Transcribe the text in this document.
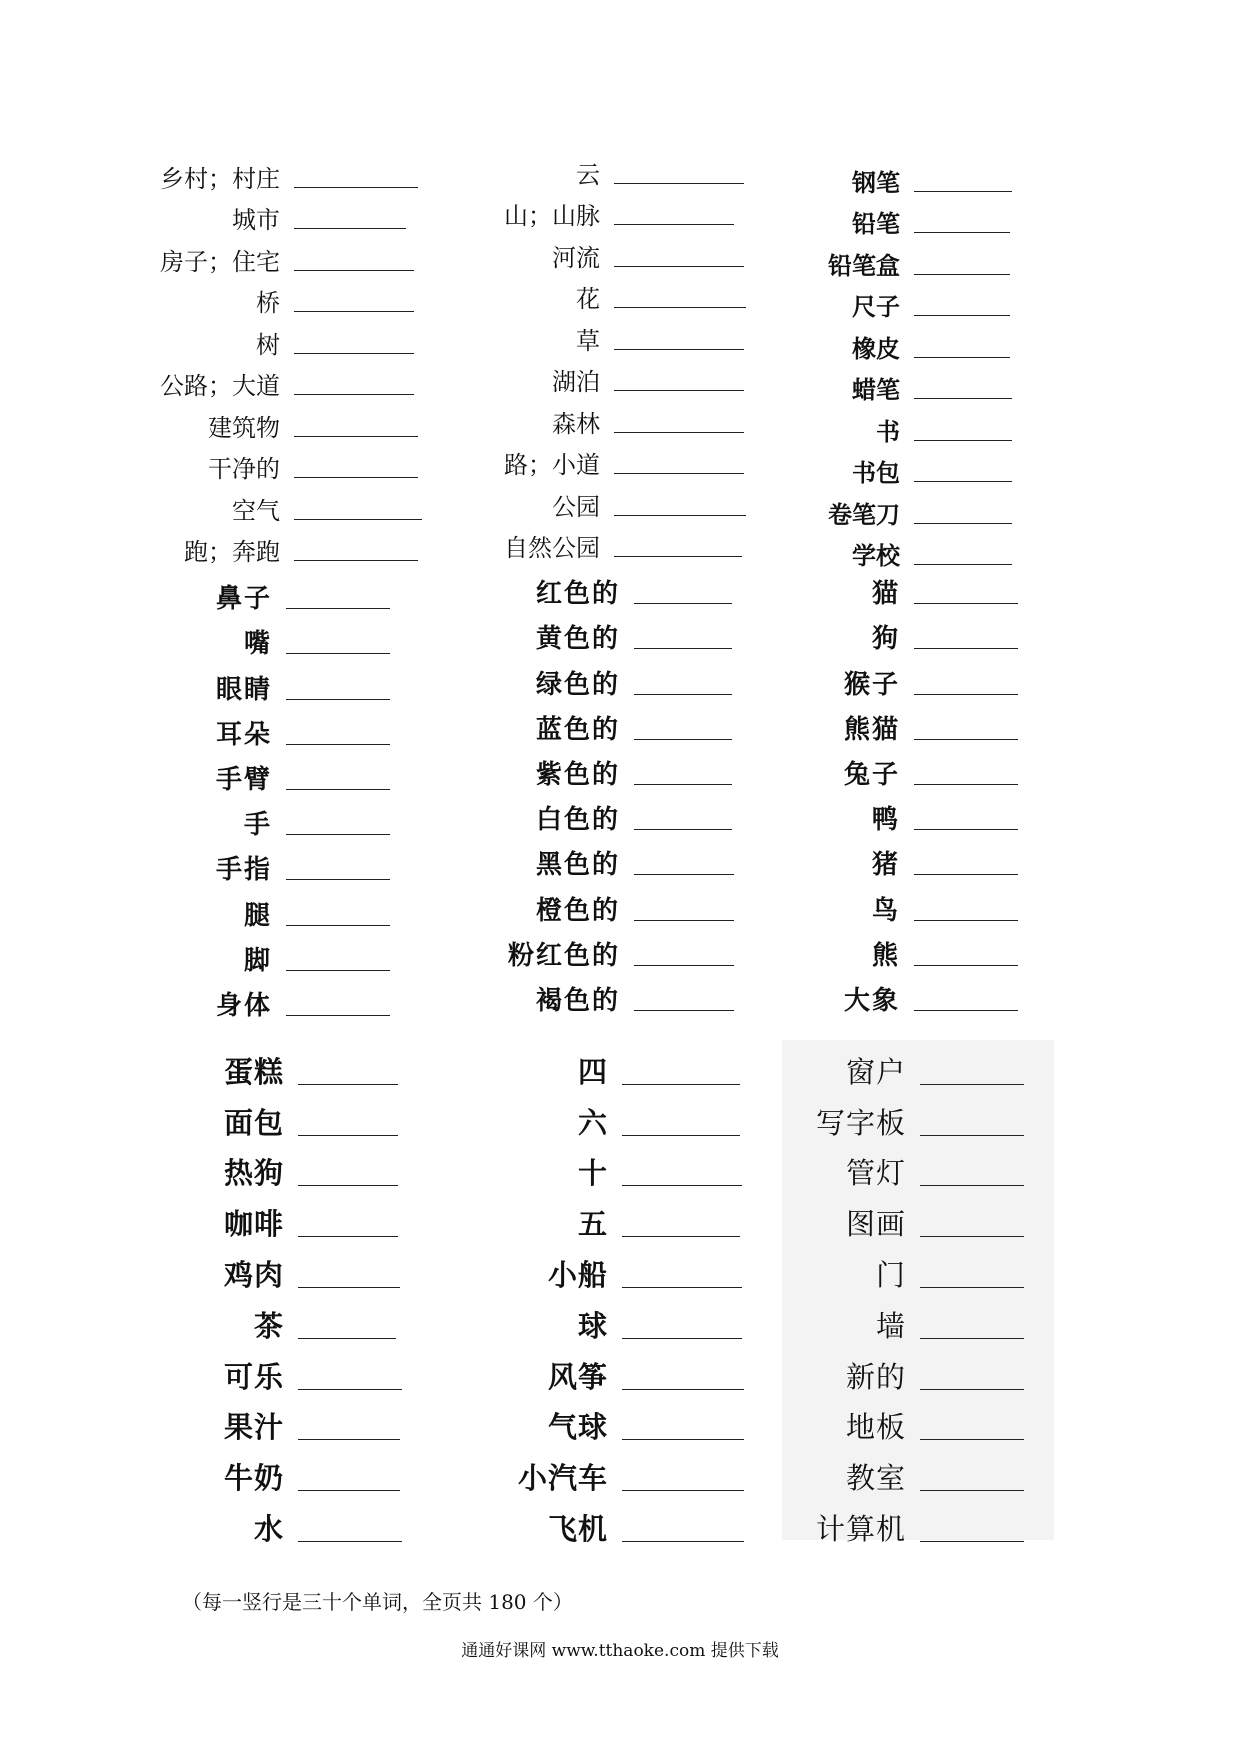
乡村；村庄
城市
房子；住宅
桥
树
公路；大道
建筑物
干净的
空气
跑；奔跑
云
山；山脉
河流
花
草
湖泊
森林
路；小道
公园
自然公园
钢笔
铅笔
铅笔盒
尺子
橡皮
蜡笔
书
书包
卷笔刀
学校
鼻子
嘴
眼睛
耳朵
手臂
手
手指
腿
脚
身体
红色的
黄色的
绿色的
蓝色的
紫色的
白色的
黑色的
橙色的
粉红色的
褐色的
猫
狗
猴子
熊猫
兔子
鸭
猪
鸟
熊
大象
蛋糕
面包
热狗
咖啡
鸡肉
茶
可乐
果汁
牛奶
水
四
六
十
五
小船
球
风筝
气球
小汽车
飞机
窗户
写字板
管灯
图画
门
墙
新的
地板
教室
计算机
（每一竖行是三十个单词，全页共 180 个）
通通好课网 www.tthaoke.com 提供下载
